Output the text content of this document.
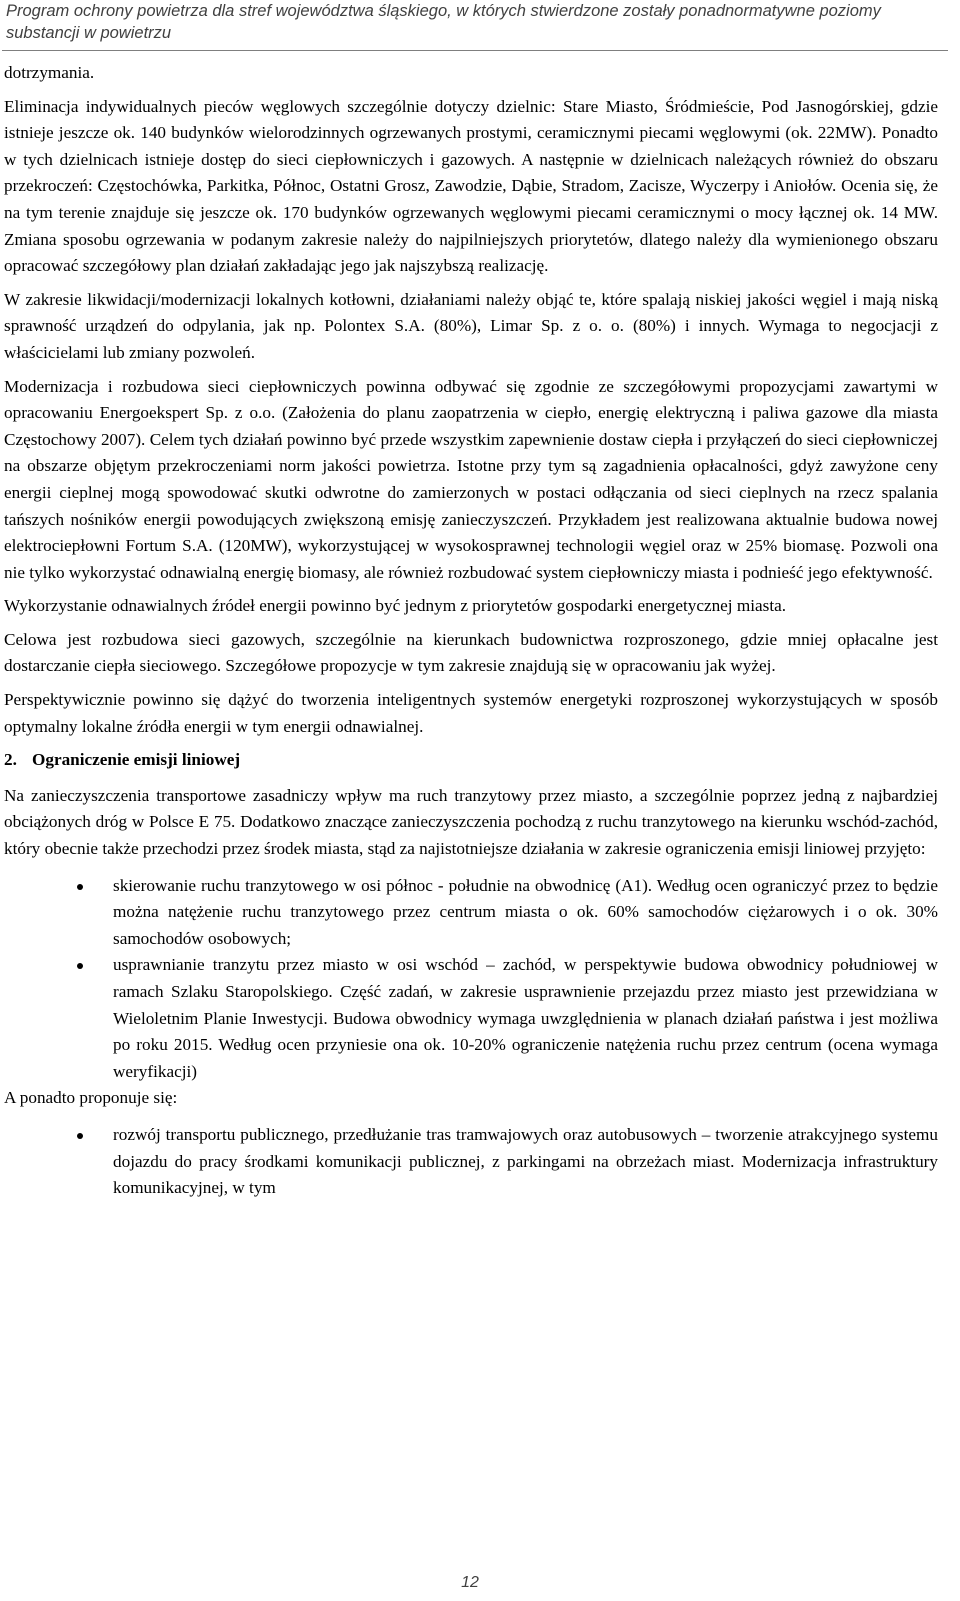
Program ochrony powietrza dla stref województwa śląskiego, w których stwierdzone zostały ponadnormatywne poziomy substancji w powietrzu

dotrzymania.

Eliminacja indywidualnych pieców węglowych szczególnie dotyczy dzielnic: Stare Miasto, Śródmieście, Pod Jasnogórskiej, gdzie istnieje jeszcze ok. 140 budynków wielorodzinnych ogrzewanych prostymi, ceramicznymi piecami węglowymi (ok. 22MW). Ponadto w tych dzielnicach istnieje dostęp do sieci ciepłowniczych i gazowych. A następnie w dzielnicach należących również do obszaru przekroczeń: Częstochówka, Parkitka, Północ, Ostatni Grosz, Zawodzie, Dąbie, Stradom, Zacisze, Wyczerpy i Aniołów. Ocenia się, że na tym terenie znajduje się jeszcze ok. 170 budynków ogrzewanych węglowymi piecami ceramicznymi o mocy łącznej ok. 14 MW. Zmiana sposobu ogrzewania w podanym zakresie należy do najpilniejszych priorytetów, dlatego należy dla wymienionego obszaru opracować szczegółowy plan działań zakładając jego jak najszybszą realizację.

W zakresie likwidacji/modernizacji lokalnych kotłowni, działaniami należy objąć te, które spalają niskiej jakości węgiel i mają niską sprawność urządzeń do odpylania, jak np. Polontex S.A. (80%), Limar Sp. z o. o. (80%) i innych. Wymaga to negocjacji z właścicielami lub zmiany pozwoleń.

Modernizacja i rozbudowa sieci ciepłowniczych powinna odbywać się zgodnie ze szczegółowymi propozycjami zawartymi w opracowaniu Energoekspert Sp. z o.o. (Założenia do planu zaopatrzenia w ciepło, energię elektryczną i paliwa gazowe dla miasta Częstochowy 2007). Celem tych działań powinno być przede wszystkim zapewnienie dostaw ciepła i przyłączeń do sieci ciepłowniczej na obszarze objętym przekroczeniami norm jakości powietrza. Istotne przy tym są zagadnienia opłacalności, gdyż zawyżone ceny energii cieplnej mogą spowodować skutki odwrotne do zamierzonych w postaci odłączania od sieci cieplnych na rzecz spalania tańszych nośników energii powodujących zwiększoną emisję zanieczyszczeń. Przykładem jest realizowana aktualnie budowa nowej elektrociepłowni Fortum S.A. (120MW), wykorzystującej w wysokosprawnej technologii węgiel oraz w 25% biomasę. Pozwoli ona nie tylko wykorzystać odnawialną energię biomasy, ale również rozbudować system ciepłowniczy miasta i podnieść jego efektywność.

Wykorzystanie odnawialnych źródeł energii powinno być jednym z priorytetów gospodarki energetycznej miasta.

Celowa jest rozbudowa sieci gazowych, szczególnie na kierunkach budownictwa rozproszonego, gdzie mniej opłacalne jest dostarczanie ciepła sieciowego. Szczegółowe propozycje w tym zakresie znajdują się w opracowaniu jak wyżej.

Perspektywicznie powinno się dążyć do tworzenia inteligentnych systemów energetyki rozproszonej wykorzystujących w sposób optymalny lokalne źródła energii w tym energii odnawialnej.

2. Ograniczenie emisji liniowej

Na zanieczyszczenia transportowe zasadniczy wpływ ma ruch tranzytowy przez miasto, a szczególnie poprzez jedną z najbardziej obciążonych dróg w Polsce E 75. Dodatkowo znaczące zanieczyszczenia pochodzą z ruchu tranzytowego na kierunku wschód-zachód, który obecnie także przechodzi przez środek miasta, stąd za najistotniejsze działania w zakresie ograniczenia emisji liniowej przyjęto:

skierowanie ruchu tranzytowego w osi północ - południe na obwodnicę (A1). Według ocen ograniczyć przez to będzie można natężenie ruchu tranzytowego przez centrum miasta o ok. 60% samochodów ciężarowych i o ok. 30% samochodów osobowych;
usprawnianie tranzytu przez miasto w osi wschód – zachód, w perspektywie budowa obwodnicy południowej w ramach Szlaku Staropolskiego. Część zadań, w zakresie usprawnienie przejazdu przez miasto jest przewidziana w Wieloletnim Planie Inwestycji. Budowa obwodnicy wymaga uwzględnienia w planach działań państwa i jest możliwa po roku 2015. Według ocen przyniesie ona ok. 10-20% ograniczenie natężenia ruchu przez centrum (ocena wymaga weryfikacji)

A ponadto proponuje się:

rozwój transportu publicznego, przedłużanie tras tramwajowych oraz autobusowych – tworzenie atrakcyjnego systemu dojazdu do pracy środkami komunikacji publicznej, z parkingami na obrzeżach miast. Modernizacja infrastruktury komunikacyjnej, w tym
12
